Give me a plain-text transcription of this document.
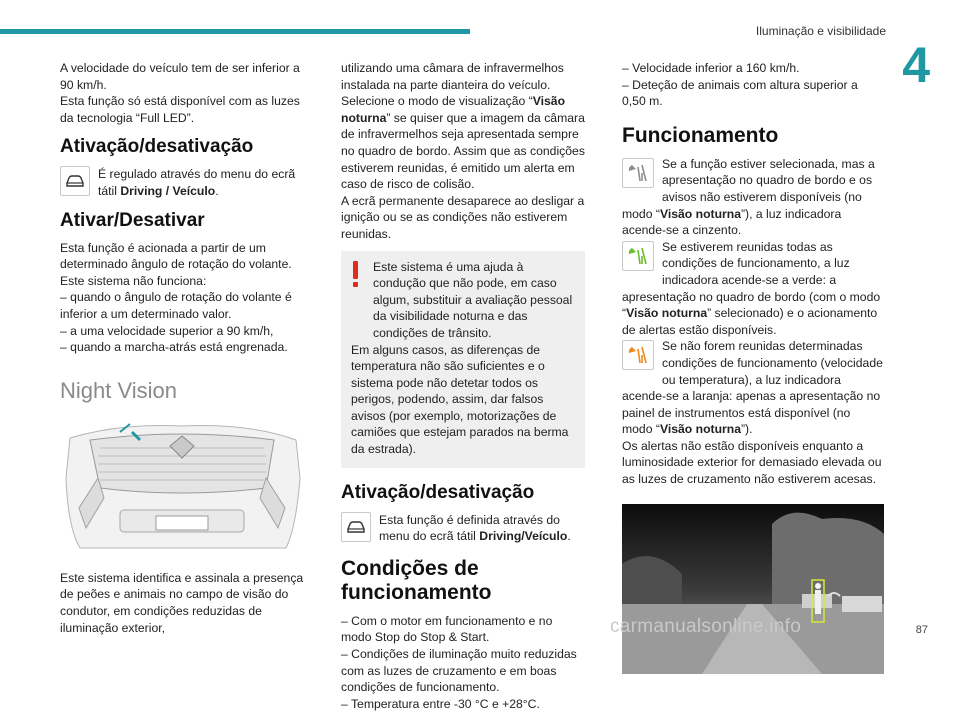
Iluminação e visibilidade
4
A velocidade do veículo tem de ser inferior a 90 km/h.
Esta função só está disponível com as luzes da tecnologia “Full LED”.
Ativação/desativação
É regulado através do menu do ecrã tátil Driving / Veículo.
Ativar/Desativar
Esta função é acionada a partir de um determinado ângulo de rotação do volante.
Este sistema não funciona:
– quando o ângulo de rotação do volante é inferior a um determinado valor.
– a uma velocidade superior a 90 km/h,
– quando a marcha-atrás está engrenada.
Night Vision
Este sistema identifica e assinala a presença de peões e animais no campo de visão do condutor, em condições reduzidas de iluminação exterior,
utilizando uma câmara de infravermelhos instalada na parte dianteira do veículo.
Selecione o modo de visualização “Visão noturna” se quiser que a imagem da câmara de infravermelhos seja apresentada sempre no quadro de bordo. Assim que as condições estiverem reunidas, é emitido um alerta em caso de risco de colisão.
A ecrã permanente desaparece ao desligar a ignição ou se as condições não estiverem reunidas.
Este sistema é uma ajuda à condução que não pode, em caso algum, substituir a avaliação pessoal da visibilidade noturna e das condições de trânsito.
Em alguns casos, as diferenças de temperatura não são suficientes e o sistema pode não detetar todos os perigos, podendo, assim, dar falsos avisos (por exemplo, motorizações de camiões que estejam parados na berma da estrada).
Ativação/desativação
Esta função é definida através do menu do ecrã tátil Driving/Veículo.
Condições de funcionamento
– Com o motor em funcionamento e no modo Stop do Stop & Start.
– Condições de iluminação muito reduzidas com as luzes de cruzamento e em boas condições de funcionamento.
– Temperatura entre -30 °C e +28°C.
– Velocidade inferior a 160 km/h.
– Deteção de animais com altura superior a 0,50 m.
Funcionamento
Se a função estiver selecionada, mas a apresentação no quadro de bordo e os avisos não estiverem disponíveis (no modo “Visão noturna”), a luz indicadora acende-se a cinzento.
Se estiverem reunidas todas as condições de funcionamento, a luz indicadora acende-se a verde: a apresentação no quadro de bordo (com o modo “Visão noturna” selecionado) e o acionamento de alertas estão disponíveis.
Se não forem reunidas determinadas condições de funcionamento (velocidade ou temperatura), a luz indicadora acende-se a laranja: apenas a apresentação no painel de instrumentos está disponível (no modo “Visão noturna”).
Os alertas não estão disponíveis enquanto a luminosidade exterior for demasiado elevada ou as luzes de cruzamento não estiverem acesas.
carmanualsonline.info	87
